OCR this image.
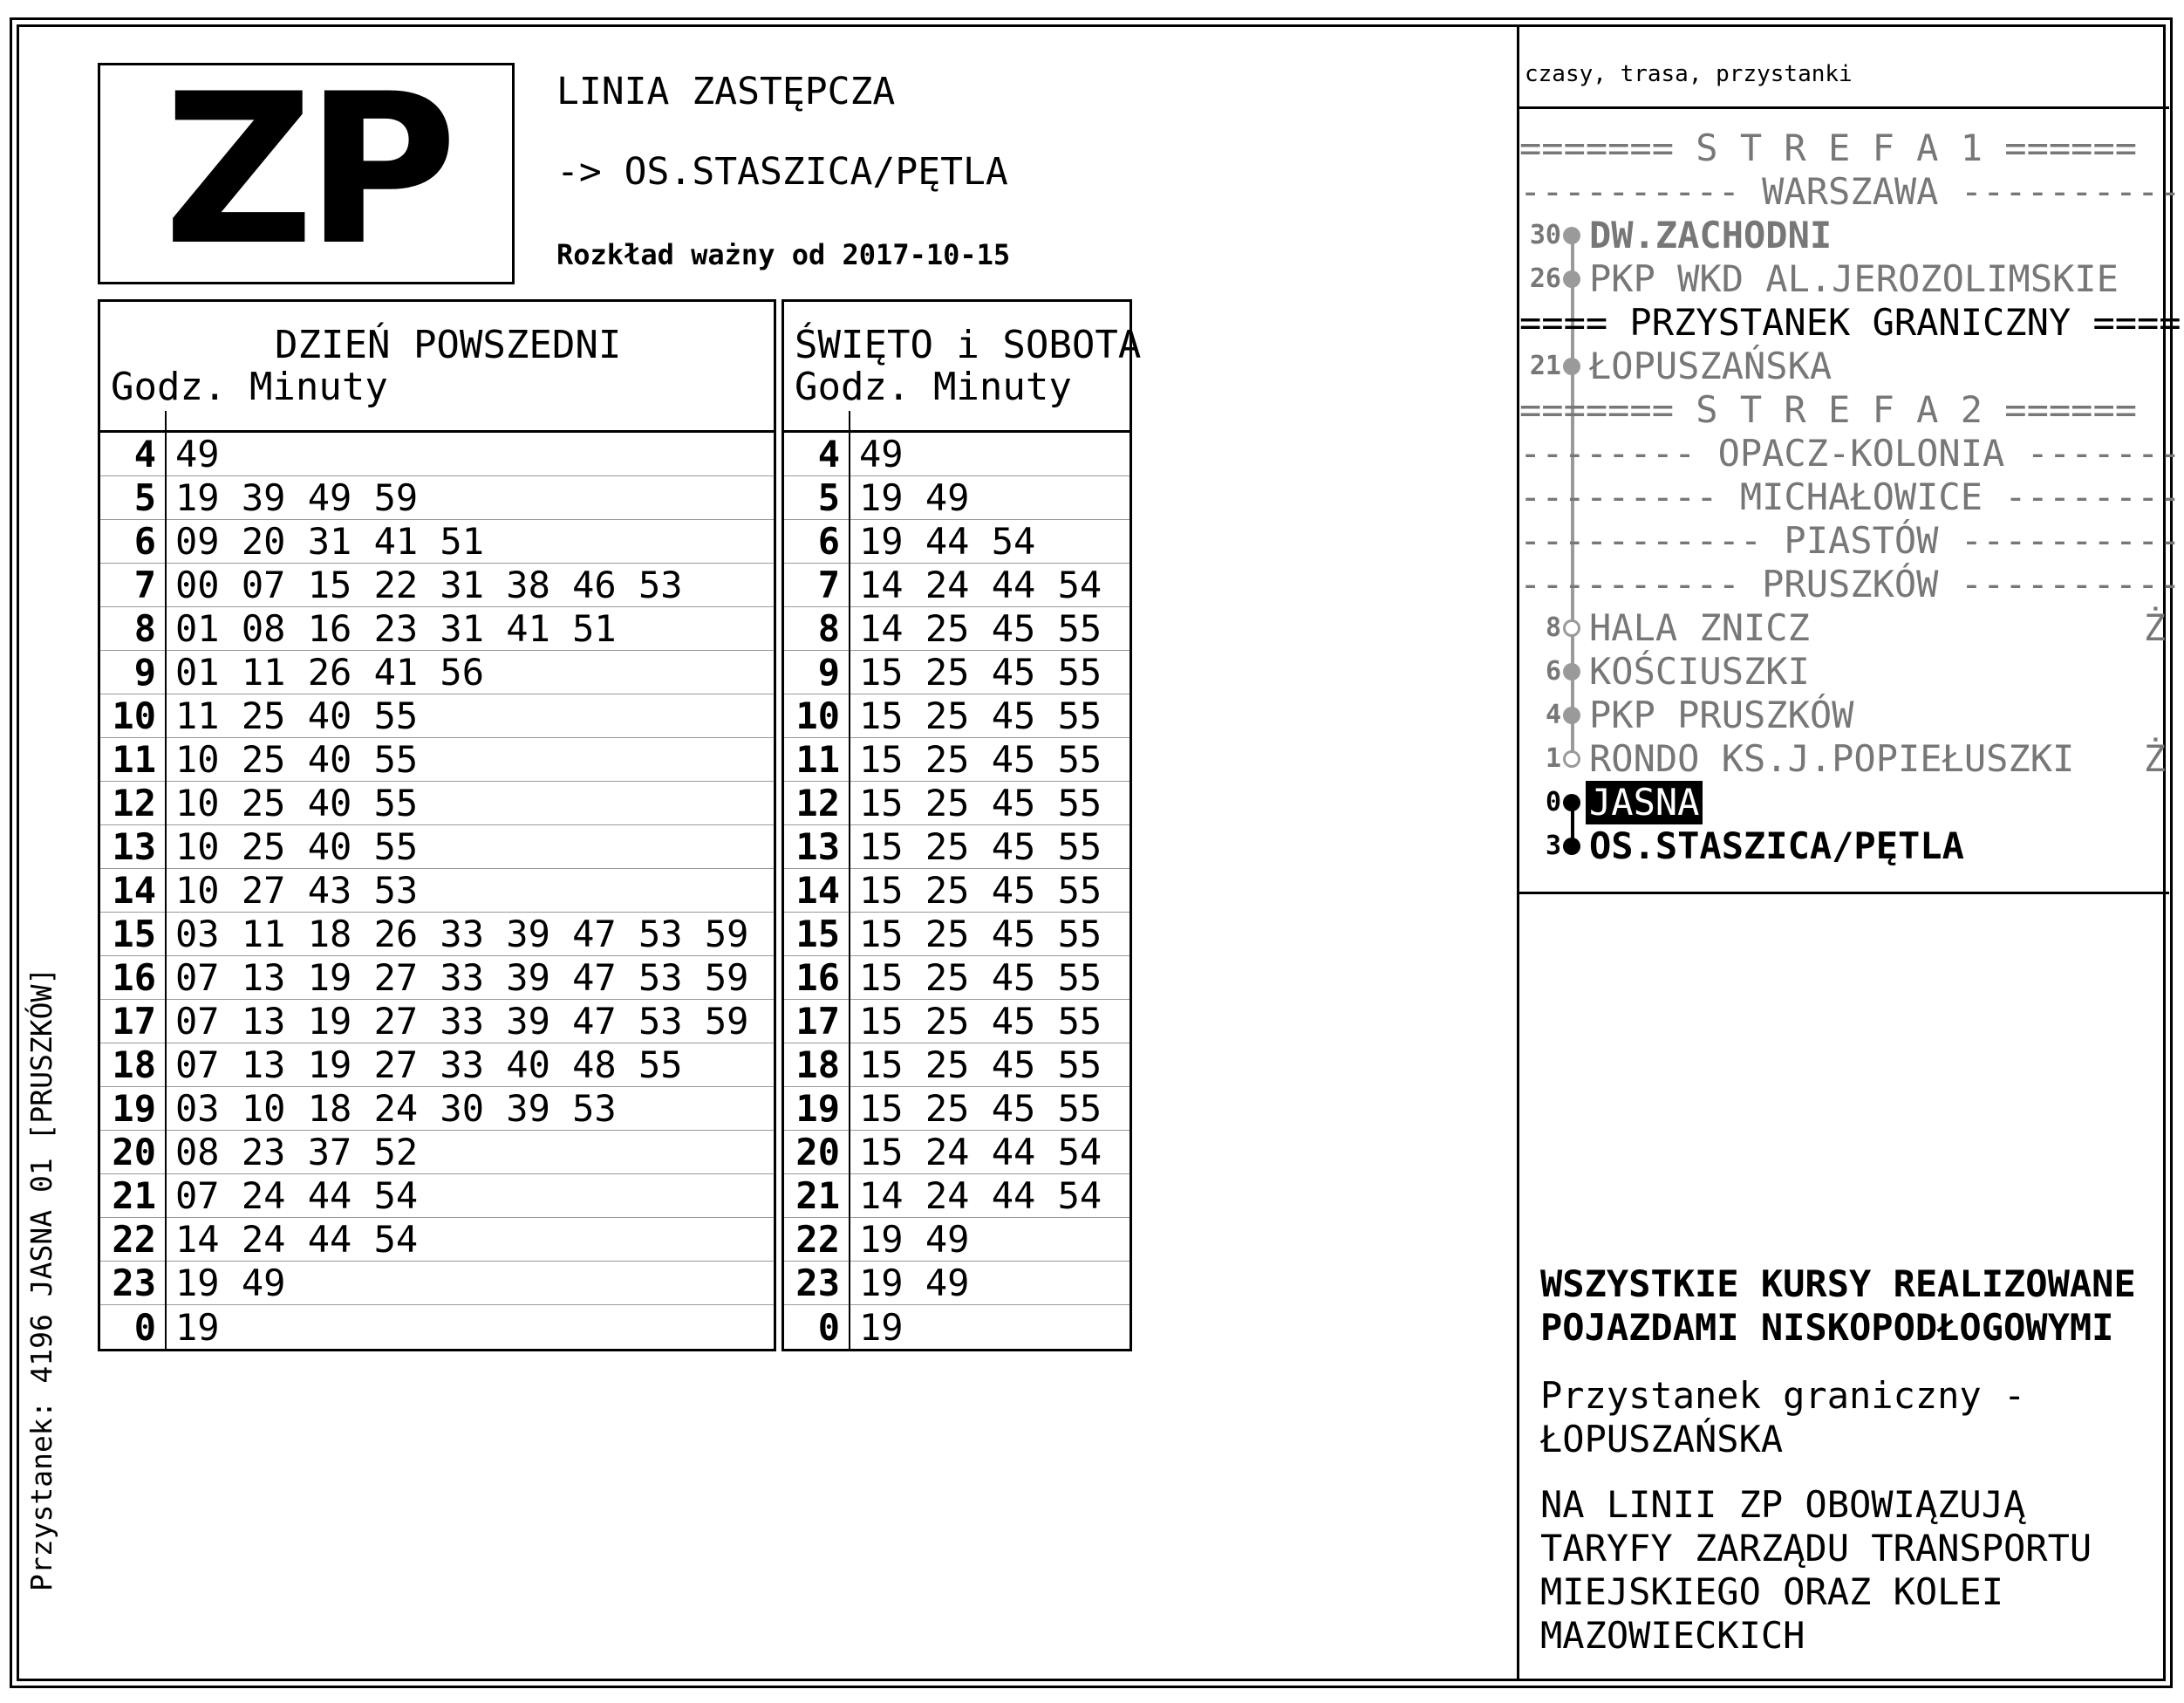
Przystanek: 4196 JASNA 01 [PRUSZKÓW]
ZP	LINIA ZASTĘPCZA
-> OS.STASZICA/PĘTLA
Rozkład ważny od 2017-10-15
DZIEŃ POWSZEDNI
Godz. Minuty
4 49
5 19 39 49 59
6 09 20 31 41 51
7 00 07 15 22 31 38 46 53
8 01 08 16 23 31 41 51
9 01 11 26 41 56
10 11 25 40 55
11 10 25 40 55
12 10 25 40 55
13 10 25 40 55
14 10 27 43 53
15 03 11 18 26 33 39 47 53 59
16 07 13 19 27 33 39 47 53 59
17 07 13 19 27 33 39 47 53 59
18 07 13 19 27 33 40 48 55
19 03 10 18 24 30 39 53
20 08 23 37 52
21 07 24 44 54
22 14 24 44 54
23 19 49
0 19
ŚWIĘTO i SOBOTA
Godz. Minuty
4 49
5 19 49
6 19 44 54
7 14 24 44 54
8 14 25 45 55
9 15 25 45 55
10 15 25 45 55
11 15 25 45 55
12 15 25 45 55
13 15 25 45 55
14 15 25 45 55
15 15 25 45 55
16 15 25 45 55
17 15 25 45 55
18 15 25 45 55
19 15 25 45 55
20 15 24 44 54
21 14 24 44 54
22 19 49
23 19 49
0 19
czasy, trasa, przystanki
======= S T R E F A 1 ======
---------- WARSZAWA ----------
30 DW.ZACHODNI
26 PKP WKD AL.JEROZOLIMSKIE
==== PRZYSTANEK GRANICZNY ====
21 ŁOPUSZAŃSKA
======= S T R E F A 2 ======
-------- OPACZ-KOLONIA -------
--------- MICHAŁOWICE --------
----------- PIASTÓW ----------
---------- PRUSZKÓW ----------
8 HALA ZNICZ	Ż
6 KOŚCIUSZKI
4 PKP PRUSZKÓW
1 RONDO KS.J.POPIEŁUSZKI Ż
0 JASNA
3 OS.STASZICA/PĘTLA
WSZYSTKIE KURSY REALIZOWANE
POJAZDAMI NISKOPODŁOGOWYMI
Przystanek graniczny -
ŁOPUSZAŃSKA
NA LINII ZP OBOWIĄZUJĄ
TARYFY ZARZĄDU TRANSPORTU
MIEJSKIEGO ORAZ KOLEI
MAZOWIECKICH
